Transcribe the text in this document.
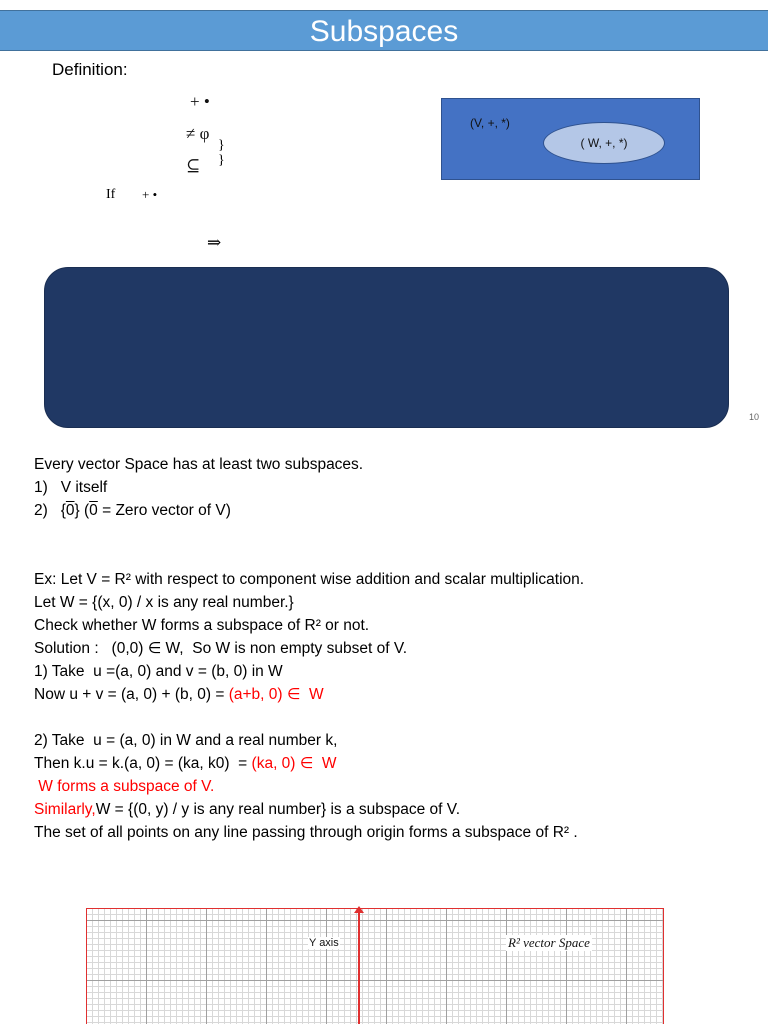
Subspaces
Definition:
+ •
≠ φ
⊆
}
}
If + •
⇒
(V, +, *)
( W, +, *)
10
Every vector Space has at least two subspaces.
1)   V itself
2)   {0} (0 = Zero vector of V)
Ex: Let V = R² with respect to component wise addition and scalar multiplication.
Let W = {(x, 0) / x is any real number.}
Check whether W forms a subspace of R² or not.
Solution :   (0,0) ∈ W,  So W is non empty subset of V.
1) Take  u =(a, 0) and v = (b, 0) in W
Now u + v = (a, 0) + (b, 0) = (a+b, 0) ∈  W
2) Take  u = (a, 0) in W and a real number k,
Then k.u = k.(a, 0) = (ka, k0)  = (ka, 0) ∈  W
W forms a subspace of V.
Similarly,W = {(0, y) / y is any real number} is a subspace of V.
The set of all points on any line passing through origin forms a subspace of R² .
Y axis	R² vector Space
